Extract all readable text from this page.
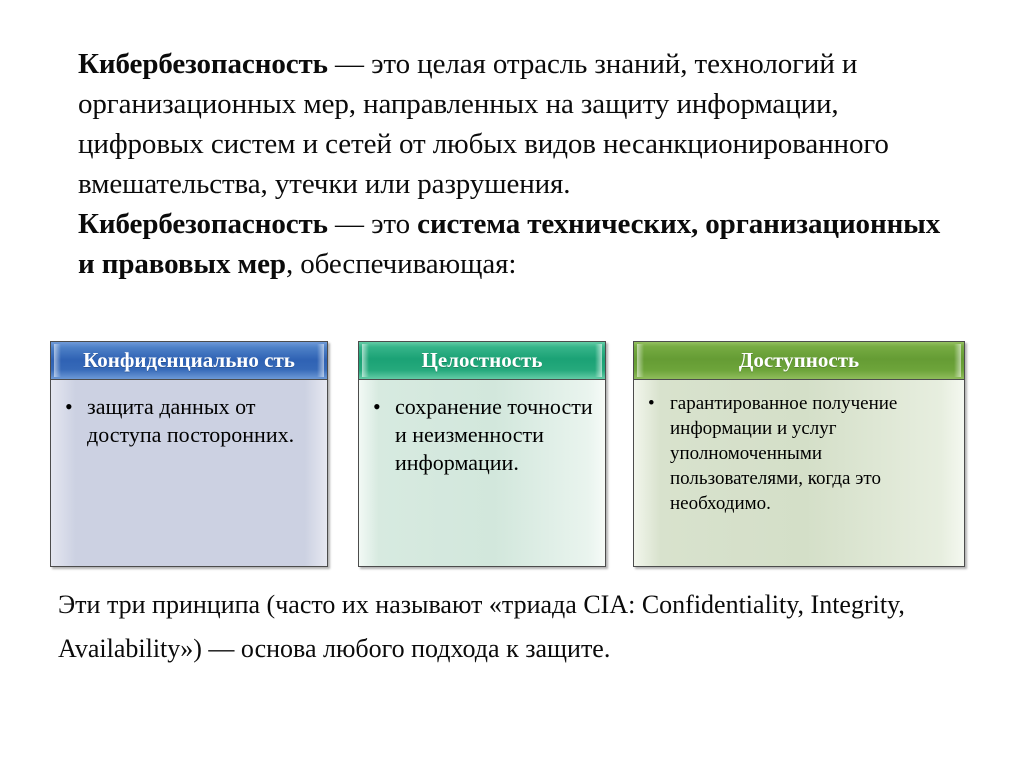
Кибербезопасность — это целая отрасль знаний, технологий и организационных мер, направленных на защиту информации, цифровых систем и сетей от любых видов несанкционированного вмешательства, утечки или разрушения.

Кибербезопасность — это система технических, организационных и правовых мер, обеспечивающая:

Конфиденциально сть
• защита данных от доступа посторонних.
Целостность
• сохранение точности и неизменности информации.
Доступность
• гарантированное получение информации и услуг уполномоченными пользователями, когда это необходимо.

Эти три принципа (часто их называют «триада CIA: Confidentiality, Integrity, Availability») — основа любого подхода к защите.
